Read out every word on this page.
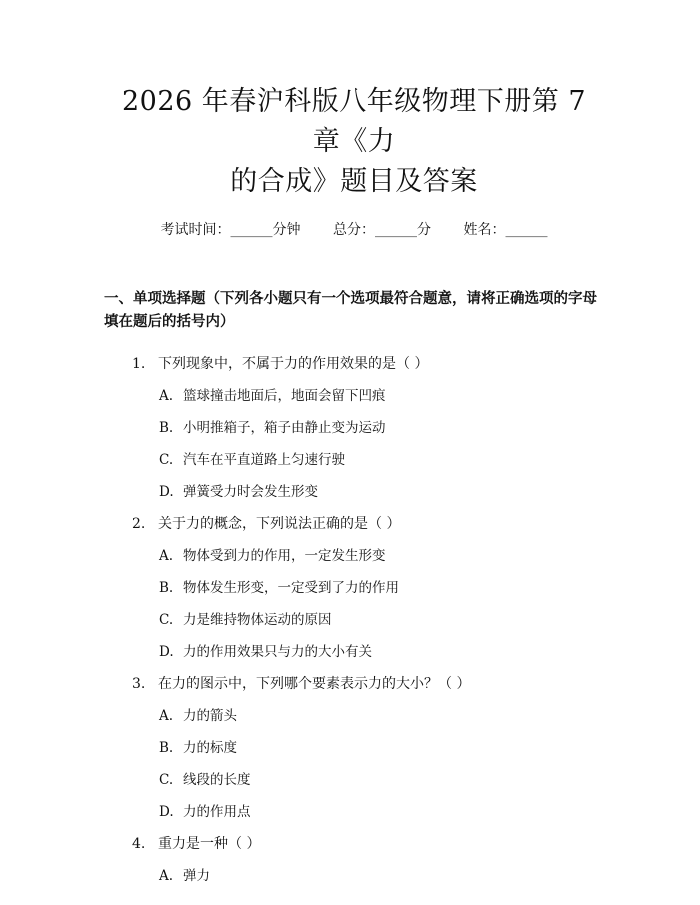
2026 年春沪科版八年级物理下册第 7 章《力
的合成》题目及答案
考试时间：______分钟 总分：______分 姓名：______
一、单项选择题（下列各小题只有一个选项最符合题意，请将正确选项的字母填在题后的括号内）
1. 下列现象中，不属于力的作用效果的是（ ）
A. 篮球撞击地面后，地面会留下凹痕
B. 小明推箱子，箱子由静止变为运动
C. 汽车在平直道路上匀速行驶
D. 弹簧受力时会发生形变
2. 关于力的概念，下列说法正确的是（ ）
A. 物体受到力的作用，一定发生形变
B. 物体发生形变，一定受到了力的作用
C. 力是维持物体运动的原因
D. 力的作用效果只与力的大小有关
3. 在力的图示中，下列哪个要素表示力的大小？（ ）
A. 力的箭头
B. 力的标度
C. 线段的长度
D. 力的作用点
4. 重力是一种（ ）
A. 弹力
